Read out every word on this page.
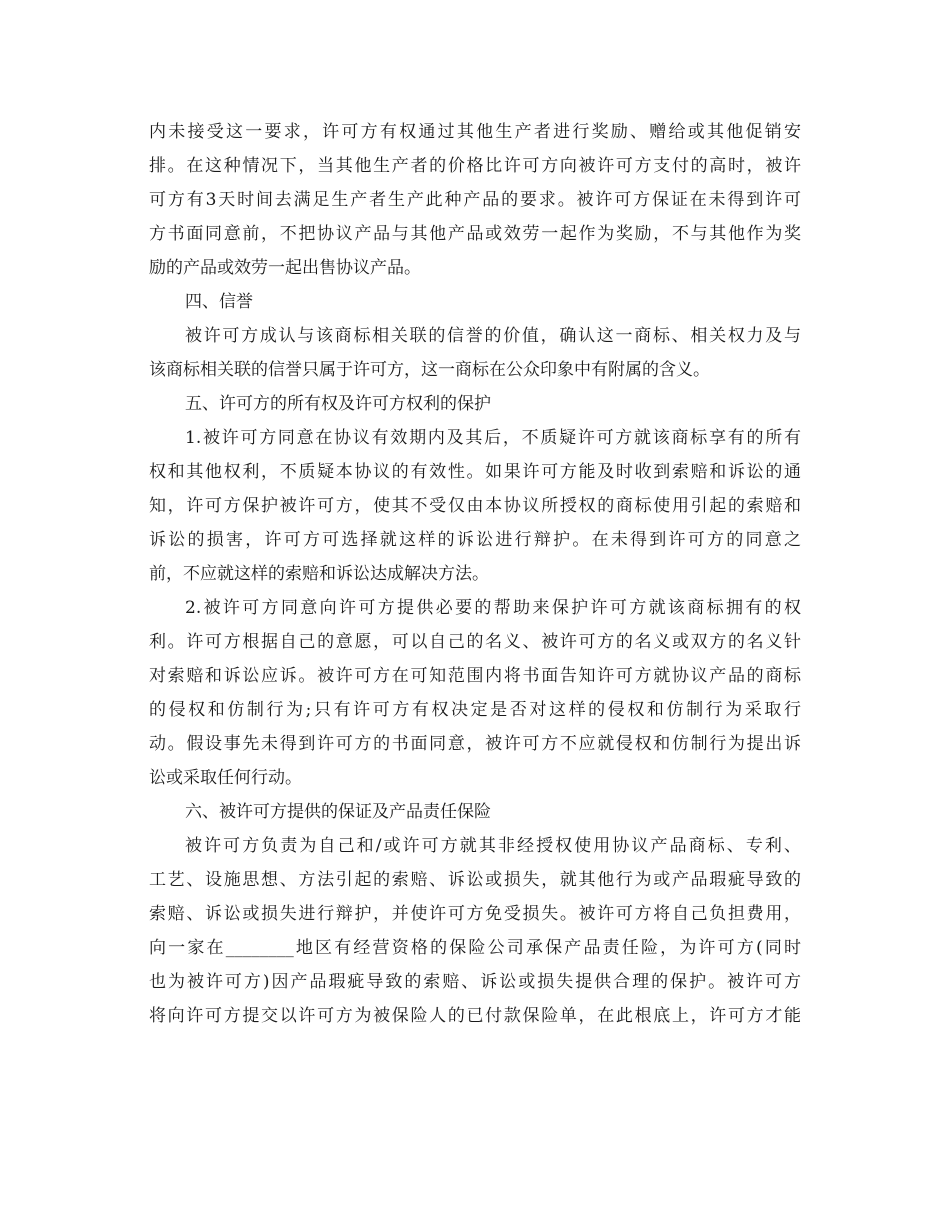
内未接受这一要求，许可方有权通过其他生产者进行奖励、赠给或其他促销安
排。在这种情况下，当其他生产者的价格比许可方向被许可方支付的高时，被许
可方有3天时间去满足生产者生产此种产品的要求。被许可方保证在未得到许可
方书面同意前，不把协议产品与其他产品或效劳一起作为奖励，不与其他作为奖
励的产品或效劳一起出售协议产品。
四、信誉
被许可方成认与该商标相关联的信誉的价值，确认这一商标、相关权力及与
该商标相关联的信誉只属于许可方，这一商标在公众印象中有附属的含义。
五、许可方的所有权及许可方权利的保护
1.被许可方同意在协议有效期内及其后，不质疑许可方就该商标享有的所有
权和其他权利，不质疑本协议的有效性。如果许可方能及时收到索赔和诉讼的通
知，许可方保护被许可方，使其不受仅由本协议所授权的商标使用引起的索赔和
诉讼的损害，许可方可选择就这样的诉讼进行辩护。在未得到许可方的同意之
前，不应就这样的索赔和诉讼达成解决方法。
2.被许可方同意向许可方提供必要的帮助来保护许可方就该商标拥有的权
利。许可方根据自己的意愿，可以自己的名义、被许可方的名义或双方的名义针
对索赔和诉讼应诉。被许可方在可知范围内将书面告知许可方就协议产品的商标
的侵权和仿制行为;只有许可方有权决定是否对这样的侵权和仿制行为采取行
动。假设事先未得到许可方的书面同意，被许可方不应就侵权和仿制行为提出诉
讼或采取任何行动。
六、被许可方提供的保证及产品责任保险
被许可方负责为自己和/或许可方就其非经授权使用协议产品商标、专利、
工艺、设施思想、方法引起的索赔、诉讼或损失，就其他行为或产品瑕疵导致的
索赔、诉讼或损失进行辩护，并使许可方免受损失。被许可方将自己负担费用，
向一家在________地区有经营资格的保险公司承保产品责任险，为许可方(同时
也为被许可方)因产品瑕疵导致的索赔、诉讼或损失提供合理的保护。被许可方
将向许可方提交以许可方为被保险人的已付款保险单，在此根底上，许可方才能
